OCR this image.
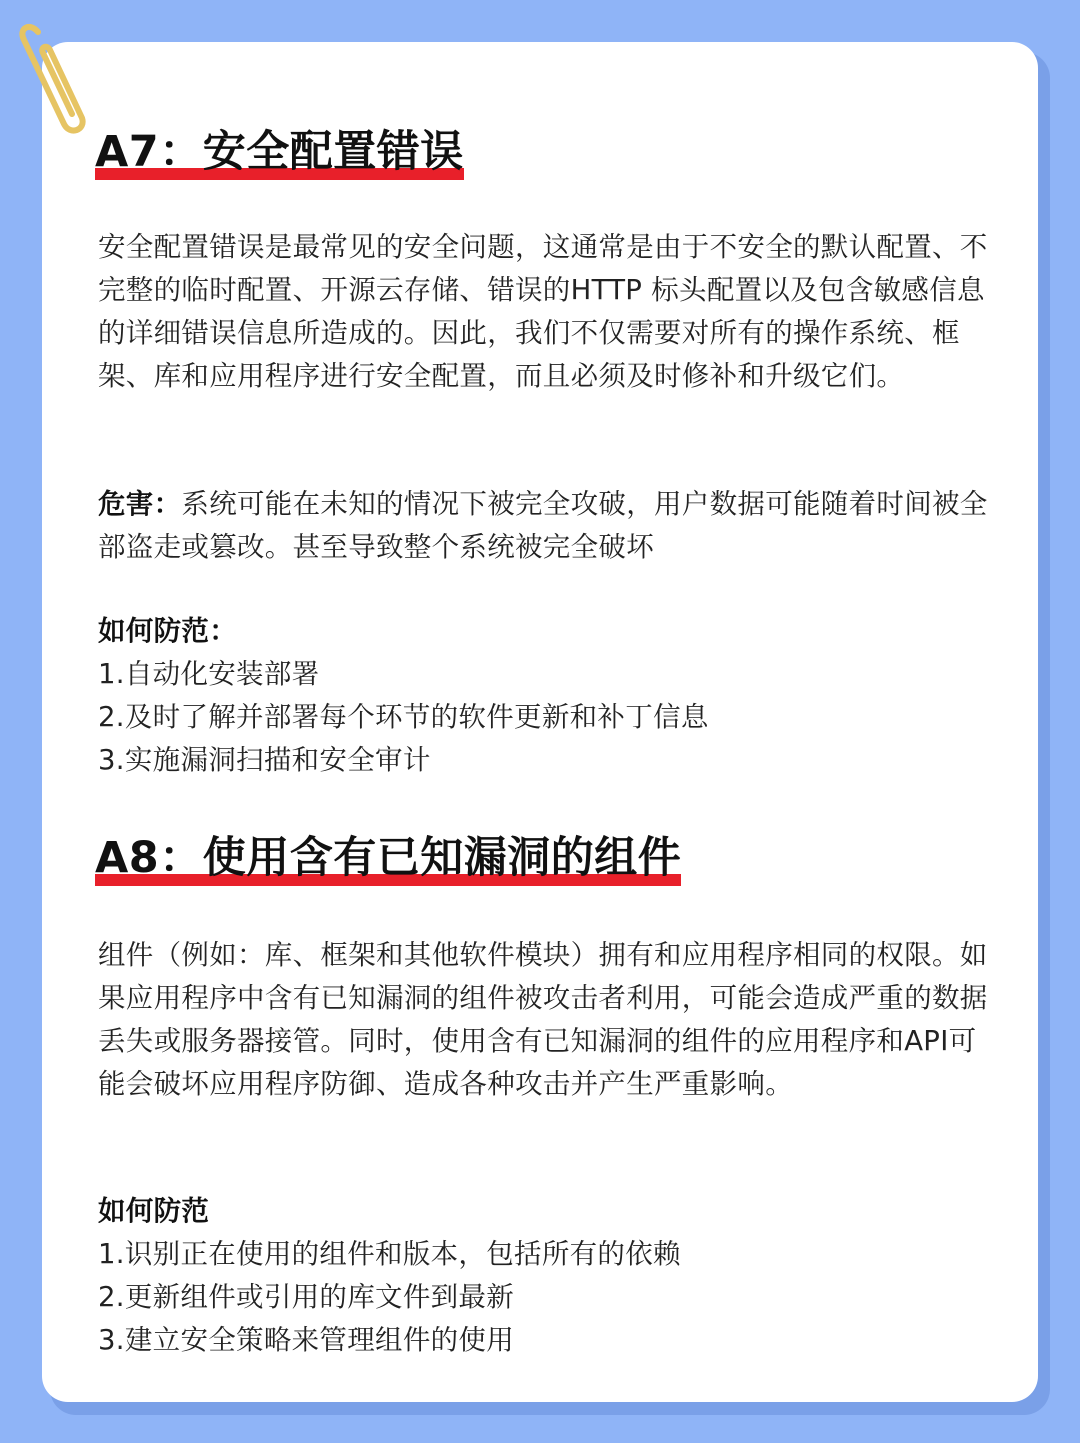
A7：安全配置错误

安全配置错误是最常见的安全问题，这通常是由于不安全的默认配置、不完整的临时配置、开源云存储、错误的HTTP 标头配置以及包含敏感信息的详细错误信息所造成的。因此，我们不仅需要对所有的操作系统、框架、库和应用程序进行安全配置，而且必须及时修补和升级它们。

危害：系统可能在未知的情况下被完全攻破，用户数据可能随着时间被全部盗走或篡改。甚至导致整个系统被完全破坏

如何防范：
1.自动化安装部署
2.及时了解并部署每个环节的软件更新和补丁信息
3.实施漏洞扫描和安全审计
A8：使用含有已知漏洞的组件

组件（例如：库、框架和其他软件模块）拥有和应用程序相同的权限。如果应用程序中含有已知漏洞的组件被攻击者利用，可能会造成严重的数据丢失或服务器接管。同时，使用含有已知漏洞的组件的应用程序和API可能会破坏应用程序防御、造成各种攻击并产生严重影响。

如何防范
1.识别正在使用的组件和版本，包括所有的依赖
2.更新组件或引用的库文件到最新
3.建立安全策略来管理组件的使用
